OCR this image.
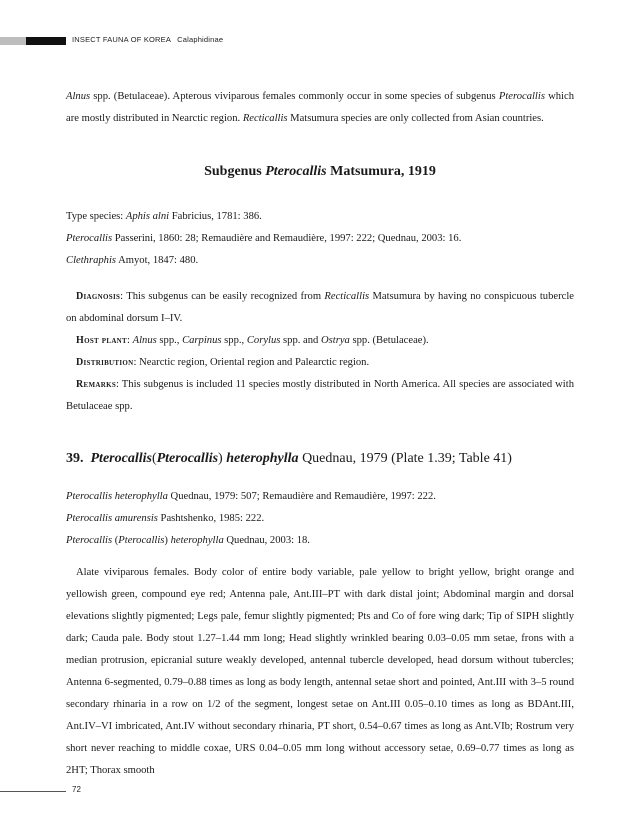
INSECT FAUNA OF KOREA Calaphidinae

Alnus spp. (Betulaceae). Apterous viviparous females commonly occur in some species of subgenus Pterocallis which are mostly distributed in Nearctic region. Recticallis Matsumura species are only collected from Asian countries.

Subgenus Pterocallis Matsumura, 1919

Type species: Aphis alni Fabricius, 1781: 386.

Pterocallis Passerini, 1860: 28; Remaudière and Remaudière, 1997: 222; Quednau, 2003: 16.

Clethraphis Amyot, 1847: 480.

Diagnosis: This subgenus can be easily recognized from Recticallis Matsumura by having no conspicuous tubercle on abdominal dorsum I–IV.

Host plant: Alnus spp., Carpinus spp., Corylus spp. and Ostrya spp. (Betulaceae).

Distribution: Nearctic region, Oriental region and Palearctic region.

Remarks: This subgenus is included 11 species mostly distributed in North America. All species are associated with Betulaceae spp.

39. Pterocallis(Pterocallis) heterophylla Quednau, 1979 (Plate 1.39; Table 41)

Pterocallis heterophylla Quednau, 1979: 507; Remaudière and Remaudière, 1997: 222.

Pterocallis amurensis Pashtshenko, 1985: 222.

Pterocallis (Pterocallis) heterophylla Quednau, 2003: 18.

Alate viviparous females. Body color of entire body variable, pale yellow to bright yellow, bright orange and yellowish green, compound eye red; Antenna pale, Ant.III–PT with dark distal joint; Abdominal margin and dorsal elevations slightly pigmented; Legs pale, femur slightly pigmented; Pts and Co of fore wing dark; Tip of SIPH slightly dark; Cauda pale. Body stout 1.27–1.44 mm long; Head slightly wrinkled bearing 0.03–0.05 mm setae, frons with a median protrusion, epicranial suture weakly developed, antennal tubercle developed, head dorsum without tubercles; Antenna 6-segmented, 0.79–0.88 times as long as body length, antennal setae short and pointed, Ant.III with 3–5 round secondary rhinaria in a row on 1/2 of the segment, longest setae on Ant.III 0.05–0.10 times as long as BDAnt.III, Ant.IV–VI imbricated, Ant.IV without secondary rhinaria, PT short, 0.54–0.67 times as long as Ant.VIb; Rostrum very short never reaching to middle coxae, URS 0.04–0.05 mm long without accessory setae, 0.69–0.77 times as long as 2HT; Thorax smooth

72
